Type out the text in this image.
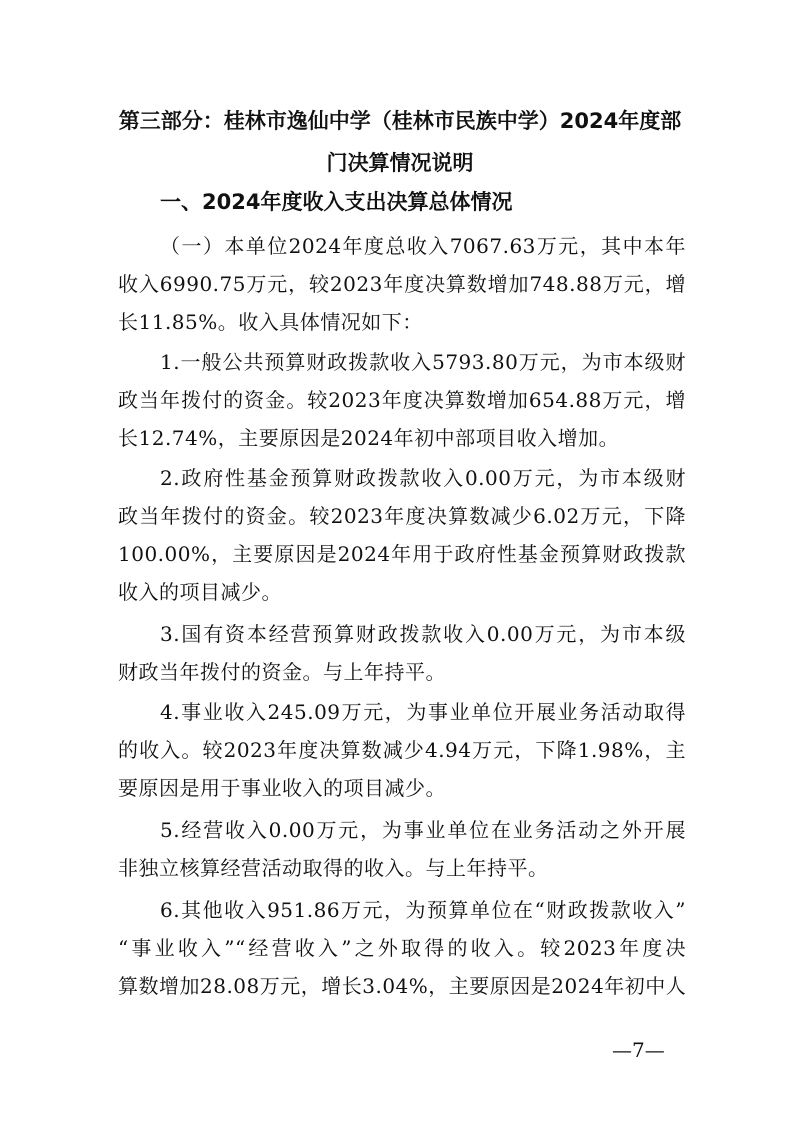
第三部分：桂林市逸仙中学（桂林市民族中学）2024年度部
门决算情况说明
一、2024年度收入支出决算总体情况
（一）本单位2024年度总收入7067.63万元，其中本年
收入6990.75万元，较2023年度决算数增加748.88万元，增
长11.85%。收入具体情况如下：
1.一般公共预算财政拨款收入5793.80万元，为市本级财
政当年拨付的资金。较2023年度决算数增加654.88万元，增
长12.74%，主要原因是2024年初中部项目收入增加。
2.政府性基金预算财政拨款收入0.00万元，为市本级财
政当年拨付的资金。较2023年度决算数减少6.02万元，下降
100.00%，主要原因是2024年用于政府性基金预算财政拨款
收入的项目减少。
3.国有资本经营预算财政拨款收入0.00万元，为市本级
财政当年拨付的资金。与上年持平。
4.事业收入245.09万元，为事业单位开展业务活动取得
的收入。较2023年度决算数减少4.94万元，下降1.98%，主
要原因是用于事业收入的项目减少。
5.经营收入0.00万元，为事业单位在业务活动之外开展
非独立核算经营活动取得的收入。与上年持平。
6.其他收入951.86万元，为预算单位在“财政拨款收入”
“事业收入”“经营收入”之外取得的收入。较2023年度决
算数增加28.08万元，增长3.04%，主要原因是2024年初中人
—7—
